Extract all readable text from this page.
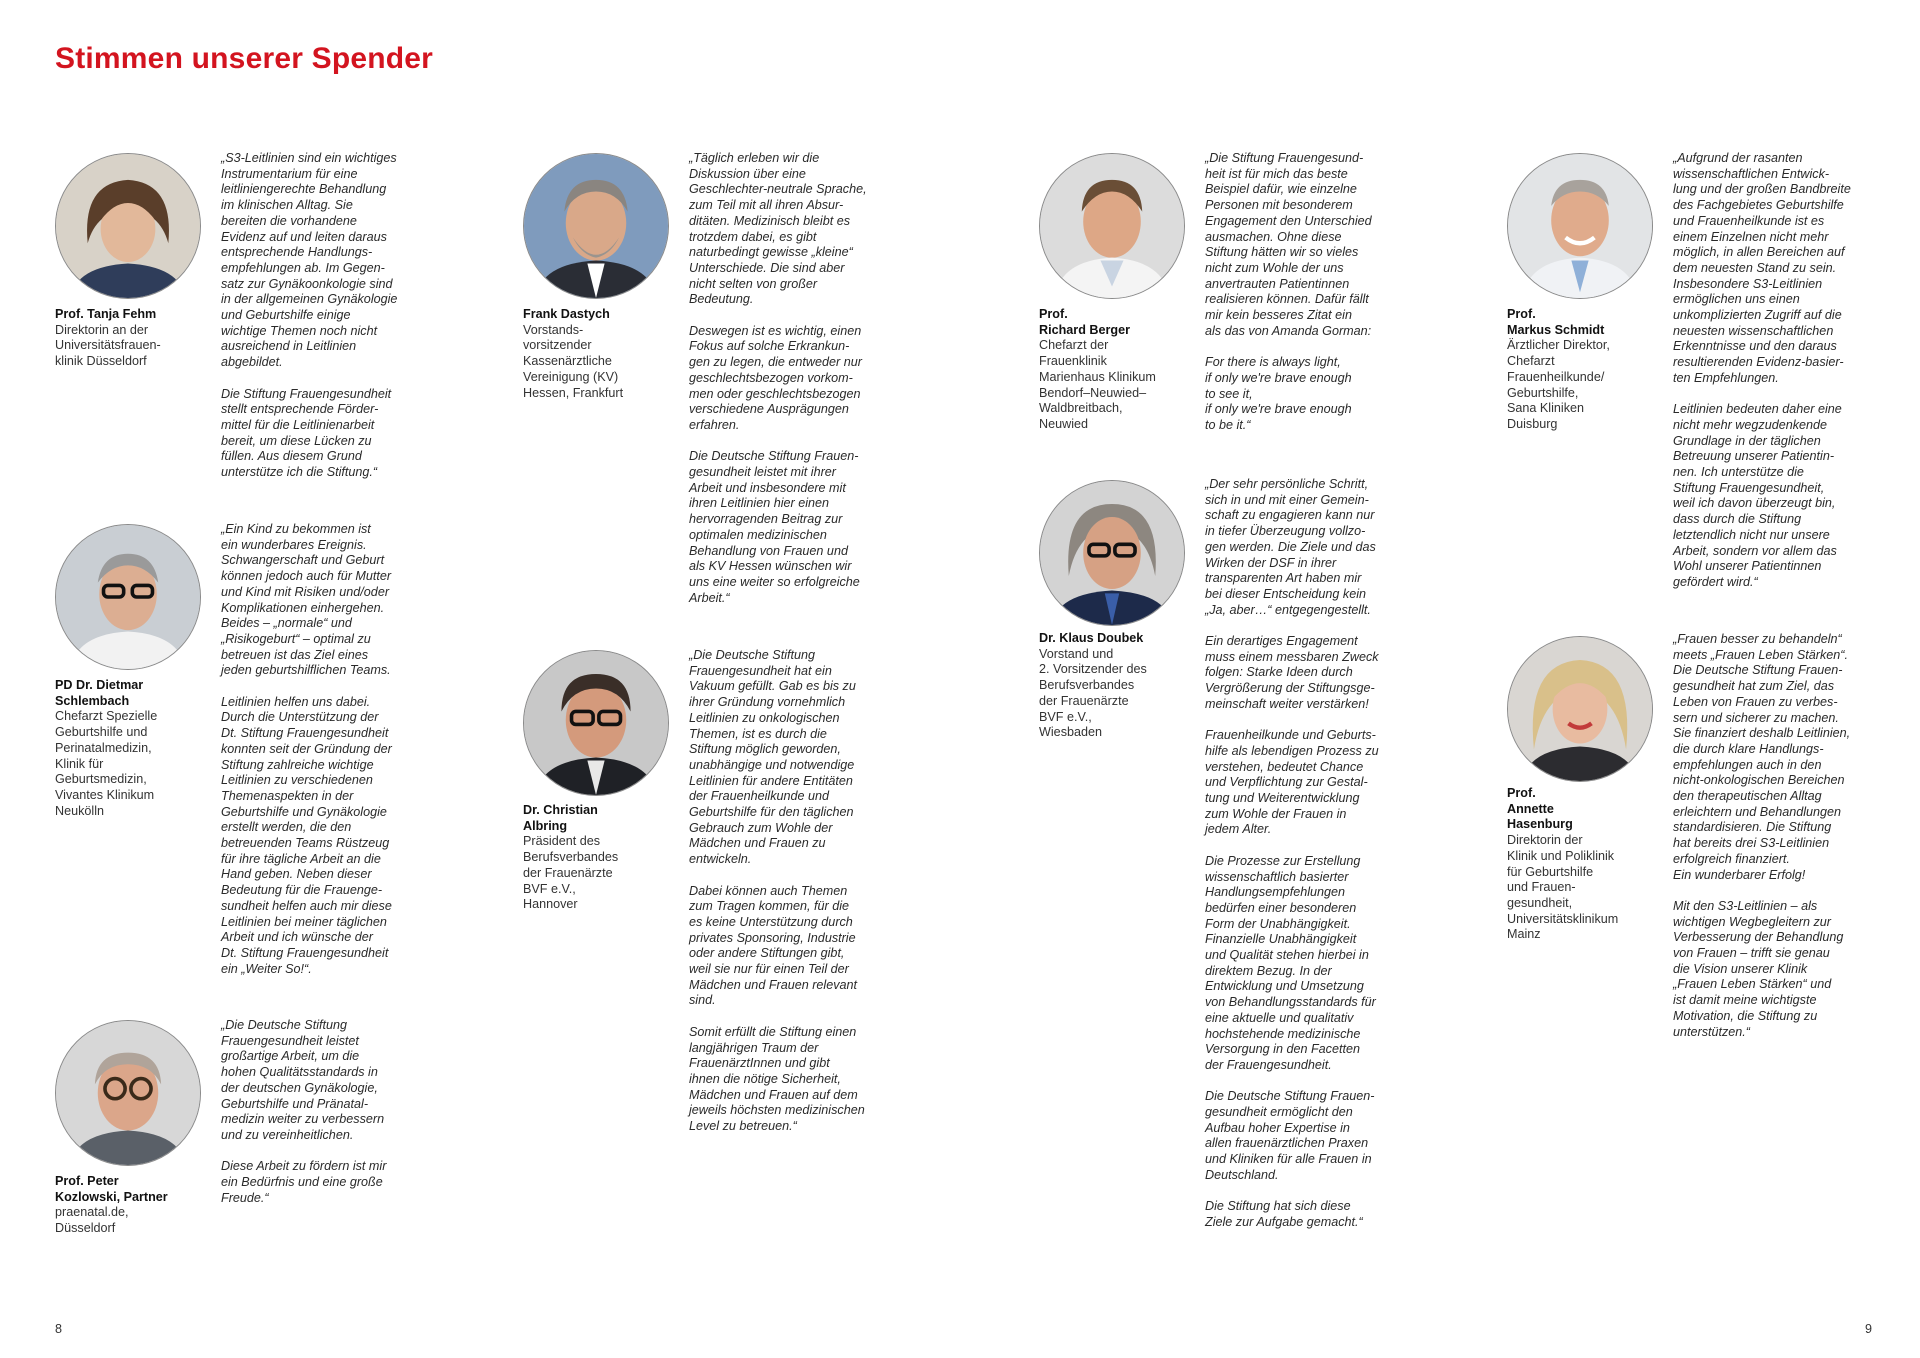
Stimmen unserer Spender
Prof. Tanja Fehm
Direktorin an der
Universitätsfrauen-
klinik Düsseldorf

„S3-Leitlinien sind ein wichtiges
Instrumentarium für eine
leitliniengerechte Behandlung
im klinischen Alltag. Sie
bereiten die vorhandene
Evidenz auf und leiten daraus
entsprechende Handlungs-
empfehlungen ab. Im Gegen-
satz zur Gynäkoonkologie sind
in der allgemeinen Gynäkologie
und Geburtshilfe einige
wichtige Themen noch nicht
ausreichend in Leitlinien
abgebildet.

Die Stiftung Frauengesundheit
stellt entsprechende Förder-
mittel für die Leitlinienarbeit
bereit, um diese Lücken zu
füllen. Aus diesem Grund
unterstütze ich die Stiftung.“

PD Dr. Dietmar
Schlembach
Chefarzt Spezielle
Geburtshilfe und
Perinatalmedizin,
Klinik für
Geburtsmedizin,
Vivantes Klinikum
Neukölln

„Ein Kind zu bekommen ist
ein wunderbares Ereignis.
Schwangerschaft und Geburt
können jedoch auch für Mutter
und Kind mit Risiken und/oder
Komplikationen einhergehen.
Beides – „normale“ und
„Risikogeburt“ – optimal zu
betreuen ist das Ziel eines
jeden geburtshilflichen Teams.

Leitlinien helfen uns dabei.
Durch die Unterstützung der
Dt. Stiftung Frauengesundheit
konnten seit der Gründung der
Stiftung zahlreiche wichtige
Leitlinien zu verschiedenen
Themenaspekten in der
Geburtshilfe und Gynäkologie
erstellt werden, die den
betreuenden Teams Rüstzeug
für ihre tägliche Arbeit an die
Hand geben. Neben dieser
Bedeutung für die Frauenge-
sundheit helfen auch mir diese
Leitlinien bei meiner täglichen
Arbeit und ich wünsche der
Dt. Stiftung Frauengesundheit
ein „Weiter So!“.

Prof. Peter
Kozlowski, Partner
praenatal.de,
Düsseldorf

„Die Deutsche Stiftung
Frauengesundheit leistet
großartige Arbeit, um die
hohen Qualitätsstandards in
der deutschen Gynäkologie,
Geburtshilfe und Pränatal-
medizin weiter zu verbessern
und zu vereinheitlichen.

Diese Arbeit zu fördern ist mir
ein Bedürfnis und eine große
Freude.“

Frank Dastych
Vorstands-
vorsitzender
Kassenärztliche
Vereinigung (KV)
Hessen, Frankfurt

„Täglich erleben wir die
Diskussion über eine
Geschlechter-neutrale Sprache,
zum Teil mit all ihren Absur-
ditäten. Medizinisch bleibt es
trotzdem dabei, es gibt
naturbedingt gewisse „kleine“
Unterschiede. Die sind aber
nicht selten von großer
Bedeutung.

Deswegen ist es wichtig, einen
Fokus auf solche Erkrankun-
gen zu legen, die entweder nur
geschlechtsbezogen vorkom-
men oder geschlechtsbezogen
verschiedene Ausprägungen
erfahren.

Die Deutsche Stiftung Frauen-
gesundheit leistet mit ihrer
Arbeit und insbesondere mit
ihren Leitlinien hier einen
hervorragenden Beitrag zur
optimalen medizinischen
Behandlung von Frauen und
als KV Hessen wünschen wir
uns eine weiter so erfolgreiche
Arbeit.“

Dr. Christian
Albring
Präsident des
Berufsverbandes
der Frauenärzte
BVF e.V.,
Hannover

„Die Deutsche Stiftung
Frauengesundheit hat ein
Vakuum gefüllt. Gab es bis zu
ihrer Gründung vornehmlich
Leitlinien zu onkologischen
Themen, ist es durch die
Stiftung möglich geworden,
unabhängige und notwendige
Leitlinien für andere Entitäten
der Frauenheilkunde und
Geburtshilfe für den täglichen
Gebrauch zum Wohle der
Mädchen und Frauen zu
entwickeln.

Dabei können auch Themen
zum Tragen kommen, für die
es keine Unterstützung durch
privates Sponsoring, Industrie
oder andere Stiftungen gibt,
weil sie nur für einen Teil der
Mädchen und Frauen relevant
sind.

Somit erfüllt die Stiftung einen
langjährigen Traum der
FrauenärztInnen und gibt
ihnen die nötige Sicherheit,
Mädchen und Frauen auf dem
jeweils höchsten medizinischen
Level zu betreuen.“

Prof.
Richard Berger
Chefarzt der
Frauenklinik
Marienhaus Klinikum
Bendorf–Neuwied–
Waldbreitbach,
Neuwied

„Die Stiftung Frauengesund-
heit ist für mich das beste
Beispiel dafür, wie einzelne
Personen mit besonderem
Engagement den Unterschied
ausmachen. Ohne diese
Stiftung hätten wir so vieles
nicht zum Wohle der uns
anvertrauten Patientinnen
realisieren können. Dafür fällt
mir kein besseres Zitat ein
als das von Amanda Gorman:

For there is always light,
if only we're brave enough
to see it,
if only we're brave enough
to be it.“

Dr. Klaus Doubek
Vorstand und
2. Vorsitzender des
Berufsverbandes
der Frauenärzte
BVF e.V.,
Wiesbaden

„Der sehr persönliche Schritt,
sich in und mit einer Gemein-
schaft zu engagieren kann nur
in tiefer Überzeugung vollzo-
gen werden. Die Ziele und das
Wirken der DSF in ihrer
transparenten Art haben mir
bei dieser Entscheidung kein
„Ja, aber…“ entgegengestellt.

Ein derartiges Engagement
muss einem messbaren Zweck
folgen: Starke Ideen durch
Vergrößerung der Stiftungsge-
meinschaft weiter verstärken!

Frauenheilkunde und Geburts-
hilfe als lebendigen Prozess zu
verstehen, bedeutet Chance
und Verpflichtung zur Gestal-
tung und Weiterentwicklung
zum Wohle der Frauen in
jedem Alter.

Die Prozesse zur Erstellung
wissenschaftlich basierter
Handlungsempfehlungen
bedürfen einer besonderen
Form der Unabhängigkeit.
Finanzielle Unabhängigkeit
und Qualität stehen hierbei in
direktem Bezug. In der
Entwicklung und Umsetzung
von Behandlungsstandards für
eine aktuelle und qualitativ
hochstehende medizinische
Versorgung in den Facetten
der Frauengesundheit.

Die Deutsche Stiftung Frauen-
gesundheit ermöglicht den
Aufbau hoher Expertise in
allen frauenärztlichen Praxen
und Kliniken für alle Frauen in
Deutschland.

Die Stiftung hat sich diese
Ziele zur Aufgabe gemacht.“

Prof.
Markus Schmidt
Ärztlicher Direktor,
Chefarzt
Frauenheilkunde/
Geburtshilfe,
Sana Kliniken
Duisburg

„Aufgrund der rasanten
wissenschaftlichen Entwick-
lung und der großen Bandbreite
des Fachgebietes Geburtshilfe
und Frauenheilkunde ist es
einem Einzelnen nicht mehr
möglich, in allen Bereichen auf
dem neuesten Stand zu sein.
Insbesondere S3-Leitlinien
ermöglichen uns einen
unkomplizierten Zugriff auf die
neuesten wissenschaftlichen
Erkenntnisse und den daraus
resultierenden Evidenz-basier-
ten Empfehlungen.

Leitlinien bedeuten daher eine
nicht mehr wegzudenkende
Grundlage in der täglichen
Betreuung unserer Patientin-
nen. Ich unterstütze die
Stiftung Frauengesundheit,
weil ich davon überzeugt bin,
dass durch die Stiftung
letztendlich nicht nur unsere
Arbeit, sondern vor allem das
Wohl unserer Patientinnen
gefördert wird.“

Prof.
Annette
Hasenburg
Direktorin der
Klinik und Poliklinik
für Geburtshilfe
und Frauen-
gesundheit,
Universitätsklinikum
Mainz

„Frauen besser zu behandeln“
meets „Frauen Leben Stärken“.
Die Deutsche Stiftung Frauen-
gesundheit hat zum Ziel, das
Leben von Frauen zu verbes-
sern und sicherer zu machen.
Sie finanziert deshalb Leitlinien,
die durch klare Handlungs-
empfehlungen auch in den
nicht-onkologischen Bereichen
den therapeutischen Alltag
erleichtern und Behandlungen
standardisieren. Die Stiftung
hat bereits drei S3-Leitlinien
erfolgreich finanziert.
Ein wunderbarer Erfolg!

Mit den S3-Leitlinien – als
wichtigen Wegbegleitern zur
Verbesserung der Behandlung
von Frauen – trifft sie genau
die Vision unserer Klinik
„Frauen Leben Stärken“ und
ist damit meine wichtigste
Motivation, die Stiftung zu
unterstützen.“

8	9
